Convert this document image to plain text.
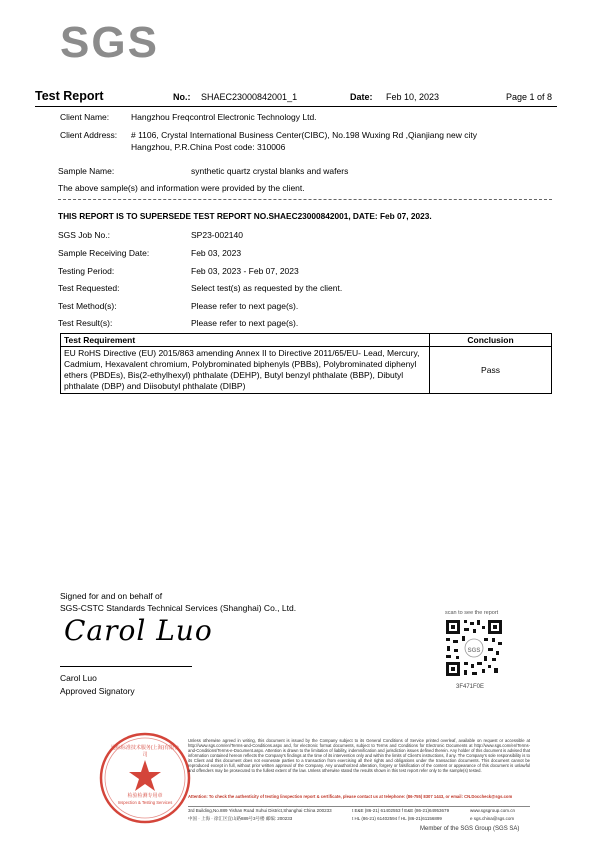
SGS
Test Report	No.: SHAEC23000842001_1	Date: Feb 10, 2023	Page 1 of 8
Client Name:	Hangzhou Freqcontrol Electronic Technology Ltd.
Client Address: # 1106, Crystal International Business Center(CIBC), No.198 Wuxing Rd ,Qianjiang new city
Hangzhou, P.R.China Post code: 310006
Sample Name:	synthetic quartz crystal blanks and wafers
The above sample(s) and information were provided by the client.
THIS REPORT IS TO SUPERSEDE TEST REPORT NO.SHAEC23000842001, DATE: Feb 07, 2023.
SGS Job No.:	SP23-002140
Sample Receiving Date:	Feb 03, 2023
Testing Period:	Feb 03, 2023 - Feb 07, 2023
Test Requested:	Select test(s) as requested by the client.
Test Method(s):	Please refer to next page(s).
Test Result(s):	Please refer to next page(s).
Test Requirement	Conclusion
EU RoHS Directive (EU) 2015/863 amending Annex II to Directive 2011/65/EU- Lead, Mercury, Cadmium, Hexavalent chromium, Polybrominated biphenyls (PBBs), Polybrominated diphenyl ethers (PBDEs), Bis(2-ethylhexyl) phthalate (DEHP), Butyl benzyl phthalate (BBP), Dibutyl phthalate (DBP) and Diisobutyl phthalate (DIBP)	Pass
Signed for and on behalf of
SGS-CSTC Standards Technical Services (Shanghai) Co., Ltd.
Carol Luo
Carol Luo
Approved Signatory
scan to see the report
SGS
3F471F0E
通标标准技术服务(上海)有限公司
检验检测专用章
Inspection & Testing Services
Unless otherwise agreed in writing, this document is issued by the Company subject to its General Conditions of Service printed overleaf, available on request or accessible at http://www.sgs.com/en/Terms-and-Conditions.aspx and, for electronic format documents, subject to Terms and Conditions for Electronic Documents at http://www.sgs.com/en/Terms-and-Conditions/Terms-e-Document.aspx. Attention is drawn to the limitation of liability, indemnification and jurisdiction issues defined therein. Any holder of this document is advised that information contained hereon reflects the Company's findings at the time of its intervention only and within the limits of Client's instructions, if any. The Company's sole responsibility is to its Client and this document does not exonerate parties to a transaction from exercising all their rights and obligations under the transaction documents. This document cannot be reproduced except in full, without prior written approval of the Company. Any unauthorized alteration, forgery or falsification of the content or appearance of this document is unlawful and offenders may be prosecuted to the fullest extent of the law. Unless otherwise stated the results shown in this test report refer only to the sample(s) tested.
Attention: To check the authenticity of testing /inspection report & certificate, please contact us at telephone: (86-755) 8307 1443, or email: CN.Doccheck@sgs.com
3rd Building,No.889 Yishan Road Xuhui District,Shanghai China 200233
中国 · 上海 · 徐汇区宜山路889号3号楼 邮编: 200233
t E&E (86-21) 61402553 f E&E (86-21)64953679
t HL (86-21) 61402594 f HL (86-21)61156899
www.sgsgroup.com.cn
e sgs.china@sgs.com
Member of the SGS Group (SGS SA)
